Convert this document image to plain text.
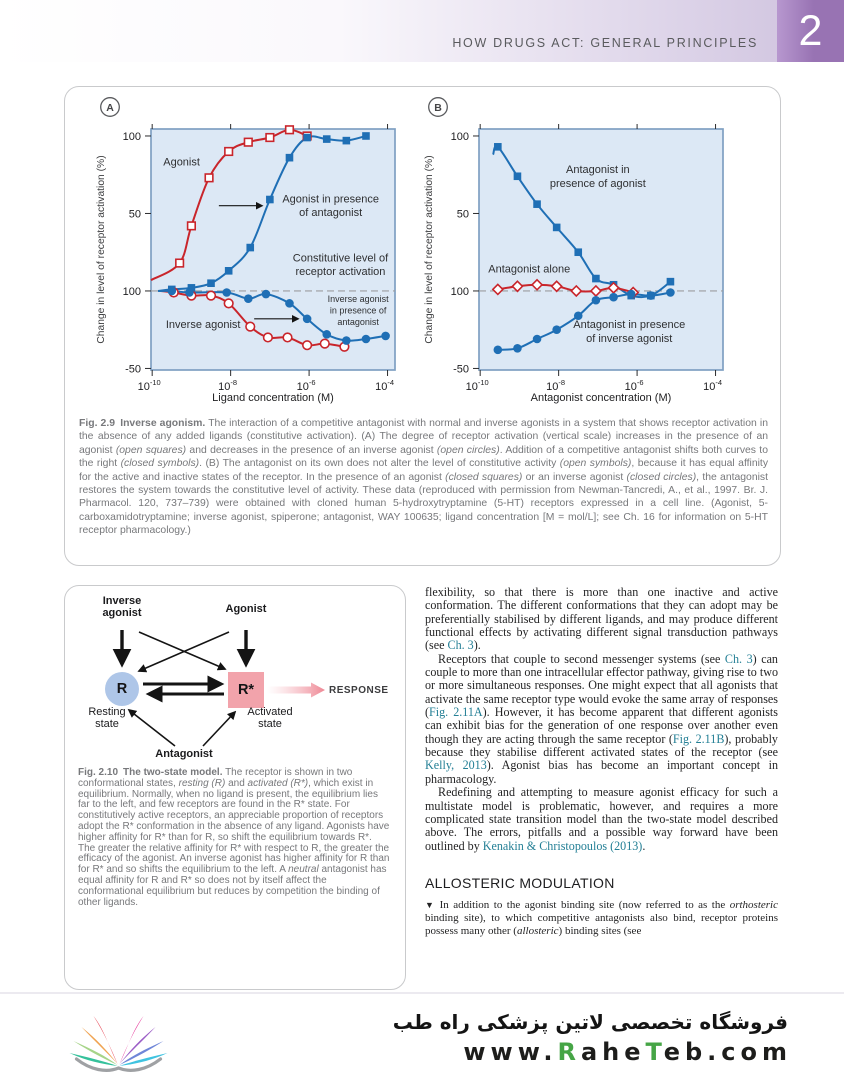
HOW DRUGS ACT: GENERAL PRINCIPLES 2
$10^{-10}$	$10^{-8}$	$10^{-6}$	$10^{-4}$
100
50
100
-50
Agonist
Agonist in presence
of antagonist
Constitutive level of
receptor activation
Inverse agonist
Inverse agonist
in presence of
antagonist
A
Change in level of receptor activation (%)
Ligand concentration (M)
$10^{-10}$	$10^{-8}$	$10^{-6}$	$10^{-4}$
100
50
100
-50
Antagonist in
presence of agonist
Antagonist alone
Antagonist in presence
of inverse agonist
B
Change in level of receptor activation (%)
Antagonist concentration (M)

Fig. 2.9  Inverse agonism. The interaction of a competitive antagonist with normal and inverse agonists in a system that shows receptor activation in the absence of any added ligands (constitutive activation). (A) The degree of receptor activation (vertical scale) increases in the presence of an agonist (open squares) and decreases in the presence of an inverse agonist (open circles). Addition of a competitive antagonist shifts both curves to the right (closed symbols). (B) The antagonist on its own does not alter the level of constitutive activity (open symbols), because it has equal affinity for the active and inactive states of the receptor. In the presence of an agonist (closed squares) or an inverse agonist (closed circles), the antagonist restores the system towards the constitutive level of activity. These data (reproduced with permission from Newman-Tancredi, A., et al., 1997. Br. J. Pharmacol. 120, 737–739) were obtained with cloned human 5-hydroxytryptamine (5-HT) receptors expressed in a cell line. (Agonist, 5-carboxamidotryptamine; inverse agonist, spiperone; antagonist, WAY 100635; ligand concentration [M = mol/L]; see Ch. 16 for information on 5-HT receptor pharmacology.)

Inverse
agonist	Agonist
R	R*	RESPONSE
Resting
state
Activated
state
Antagonist

Fig. 2.10  The two-state model. The receptor is shown in two conformational states, resting (R) and activated (R*), which exist in equilibrium. Normally, when no ligand is present, the equilibrium lies far to the left, and few receptors are found in the R* state. For constitutively active receptors, an appreciable proportion of receptors adopt the R* conformation in the absence of any ligand. Agonists have higher affinity for R* than for R, so shift the equilibrium towards R*. The greater the relative affinity for R* with respect to R, the greater the efficacy of the agonist. An inverse agonist has higher affinity for R than for R* and so shifts the equilibrium to the left. A neutral antagonist has equal affinity for R and R* so does not by itself affect the conformational equilibrium but reduces by competition the binding of other ligands.

flexibility, so that there is more than one inactive and active conformation. The different conformations that they can adopt may be preferentially stabilised by different ligands, and may produce different functional effects by activating different signal transduction pathways (see Ch. 3).

Receptors that couple to second messenger systems (see Ch. 3) can couple to more than one intracellular effector pathway, giving rise to two or more simultaneous responses. One might expect that all agonists that activate the same receptor type would evoke the same array of responses (Fig. 2.11A). However, it has become apparent that different agonists can exhibit bias for the generation of one response over another even though they are acting through the same receptor (Fig. 2.11B), probably because they stabilise different activated states of the receptor (see Kelly, 2013). Agonist bias has become an important concept in pharmacology.

Redefining and attempting to measure agonist efficacy for such a multistate model is problematic, however, and requires a more complicated state transition model than the two-state model described above. The errors, pitfalls and a possible way forward have been outlined by Kenakin & Christopoulos (2013).

ALLOSTERIC MODULATION

▼ In addition to the agonist binding site (now referred to as the orthosteric binding site), to which competitive antagonists also bind, receptor proteins possess many other (allosteric) binding sites (see

فروشگاه تخصصی لاتین پزشکی راه طب
www.RaheTeb.com
